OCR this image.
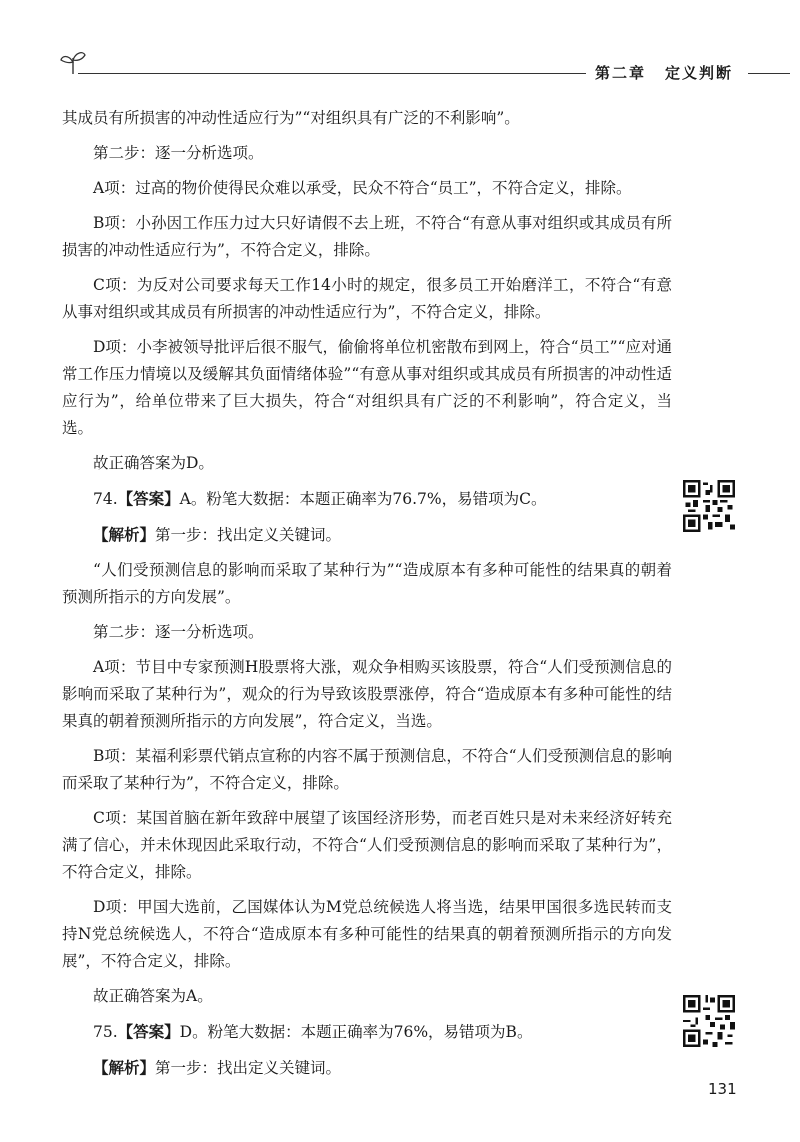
第二章 定义判断

其成员有所损害的冲动性适应行为”“对组织具有广泛的不利影响”。

第二步：逐一分析选项。

A项：过高的物价使得民众难以承受，民众不符合“员工”，不符合定义，排除。

B项：小孙因工作压力过大只好请假不去上班，不符合“有意从事对组织或其成员有所损害的冲动性适应行为”，不符合定义，排除。

C项：为反对公司要求每天工作14小时的规定，很多员工开始磨洋工，不符合“有意从事对组织或其成员有所损害的冲动性适应行为”，不符合定义，排除。

D项：小李被领导批评后很不服气，偷偷将单位机密散布到网上，符合“员工”“应对通常工作压力情境以及缓解其负面情绪体验”“有意从事对组织或其成员有所损害的冲动性适应行为”，给单位带来了巨大损失，符合“对组织具有广泛的不利影响”，符合定义，当选。

故正确答案为D。

74.【答案】A。粉笔大数据：本题正确率为76.7%，易错项为C。

【解析】第一步：找出定义关键词。

“人们受预测信息的影响而采取了某种行为”“造成原本有多种可能性的结果真的朝着预测所指示的方向发展”。

第二步：逐一分析选项。

A项：节目中专家预测H股票将大涨，观众争相购买该股票，符合“人们受预测信息的影响而采取了某种行为”，观众的行为导致该股票涨停，符合“造成原本有多种可能性的结果真的朝着预测所指示的方向发展”，符合定义，当选。

B项：某福利彩票代销点宣称的内容不属于预测信息，不符合“人们受预测信息的影响而采取了某种行为”，不符合定义，排除。

C项：某国首脑在新年致辞中展望了该国经济形势，而老百姓只是对未来经济好转充满了信心，并未休现因此采取行动，不符合“人们受预测信息的影响而采取了某种行为”，不符合定义，排除。

D项：甲国大选前，乙国媒体认为M党总统候选人将当选，结果甲国很多选民转而支持N党总统候选人，不符合“造成原本有多种可能性的结果真的朝着预测所指示的方向发展”，不符合定义，排除。

故正确答案为A。

75.【答案】D。粉笔大数据：本题正确率为76%，易错项为B。

【解析】第一步：找出定义关键词。

131
